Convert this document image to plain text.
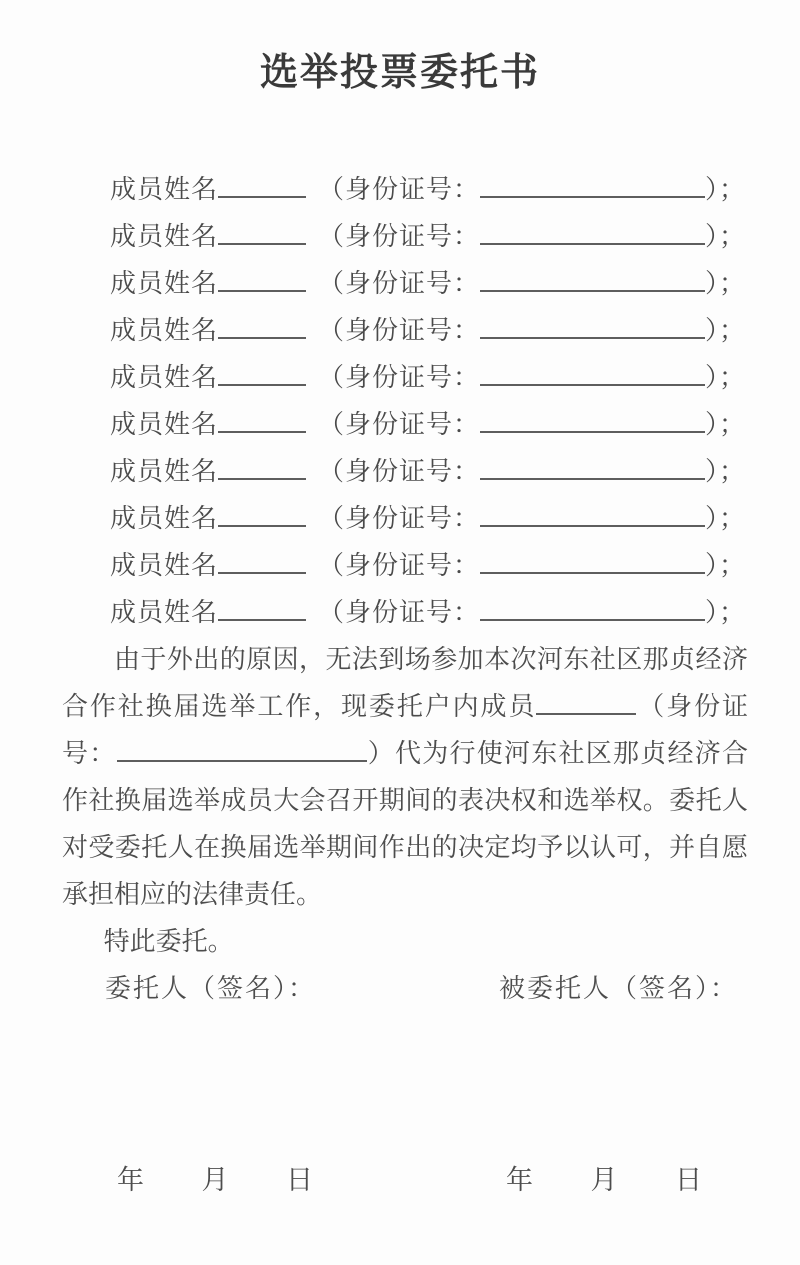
选举投票委托书
成员姓名	（身份证号：	）；
成员姓名	（身份证号：	）；
成员姓名	（身份证号：	）；
成员姓名	（身份证号：	）；
成员姓名	（身份证号：	）；
成员姓名	（身份证号：	）；
成员姓名	（身份证号：	）；
成员姓名	（身份证号：	）；
成员姓名	（身份证号：	）；
成员姓名	（身份证号：	）；

由于外出的原因，无法到场参加本次河东社区那贞经济合作社换届选举工作，现委托户内成员	（身份证号：	）代为行使河东社区那贞经济合作社换届选举成员大会召开期间的表决权和选举权。委托人对受委托人在换届选举期间作出的决定均予以认可，并自愿承担相应的法律责任。

特此委托。

委托人（签名）：	被委托人（签名）：
年 月 日	年 月 日
